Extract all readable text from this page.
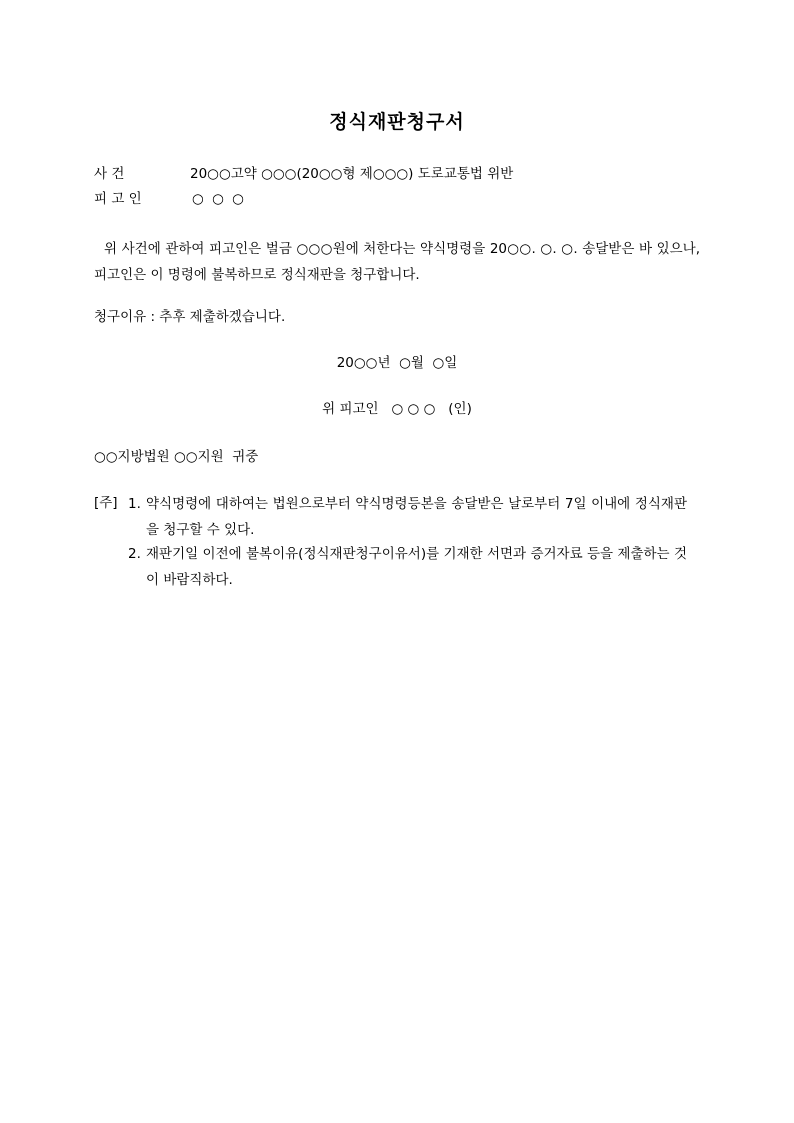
정식재판청구서
사 건	20○○고약 ○○○(20○○형 제○○○) 도로교통법 위반
피 고 인	○ ○ ○
위 사건에 관하여 피고인은 벌금 ○○○원에 처한다는 약식명령을 20○○. ○. ○. 송달받은 바 있으나, 피고인은 이 명령에 불복하므로 정식재판을 청구합니다.
청구이유 : 추후 제출하겠습니다.
20○○년  ○월  ○일
위 피고인   ○ ○ ○   (인)
○○지방법원 ○○지원  귀중
[주] 1. 약식명령에 대하여는 법원으로부터 약식명령등본을 송달받은 날로부터 7일 이내에 정식재판을 청구할 수 있다.
2. 재판기일 이전에 불복이유(정식재판청구이유서)를 기재한 서면과 증거자료 등을 제출하는 것이 바람직하다.
